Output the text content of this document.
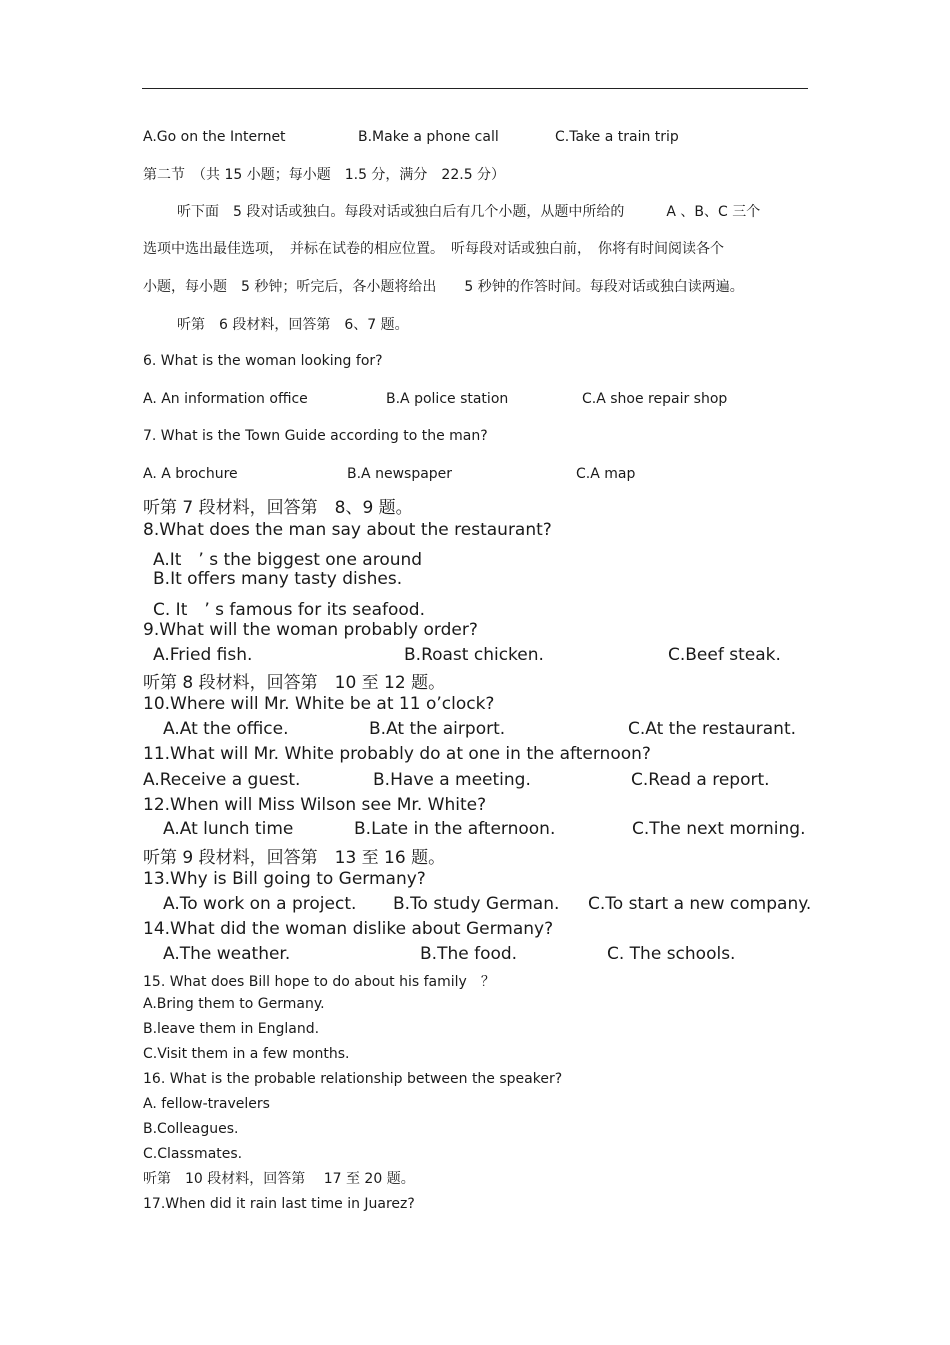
A.Go on the Internet	B.Make a phone call	C.Take a train trip
第二节　（共 15 小题；每小题　1.5 分，满分　22.5 分）
听下面　5 段对话或独白。每段对话或独白后有几个小题，从题中所给的　　　A 、B、C 三个
选项中选出最佳选项，　并标在试卷的相应位置。　听每段对话或独白前，　你将有时间阅读各个
小题，每小题　5 秒钟；听完后，各小题将给出　　5 秒钟的作答时间。每段对话或独白读两遍。
听第　6 段材料，回答第　6、7 题。
6. What is the woman looking for?
A. An information office	B.A police station	C.A shoe repair shop
7. What is the Town Guide according to the man?
A. A brochure	B.A newspaper	C.A map
听第 7 段材料，回答第　8、9 题。
8.What does the man say about the restaurant?
A.It　’ s the biggest one around
B.It offers many tasty dishes.
C. It　’ s famous for its seafood.
9.What will the woman probably order?
A.Fried fish.	B.Roast chicken.	C.Beef steak.
听第 8 段材料，回答第　10 至 12 题。
10.Where will Mr. White be at 11 o’clock?
A.At the office.	B.At the airport.	C.At the restaurant.
11.What will Mr. White probably do at one in the afternoon?
A.Receive a guest.	B.Have a meeting.	C.Read a report.
12.When will Miss Wilson see Mr. White?
A.At lunch time	B.Late in the afternoon.	C.The next morning.
听第 9 段材料，回答第　13 至 16 题。
13.Why is Bill going to Germany?
A.To work on a project. B.To study German. C.To start a new company.
14.What did the woman dislike about Germany?
A.The weather.	B.The food.	C. The schools.
15. What does Bill hope to do about his family　？
A.Bring them to Germany.
B.leave them in England.
C.Visit them in a few months.
16. What is the probable relationship between the speaker?
A. fellow-travelers
B.Colleagues.
C.Classmates.
听第　10 段材料，回答第　 17 至 20 题。
17.When did it rain last time in Juarez?
